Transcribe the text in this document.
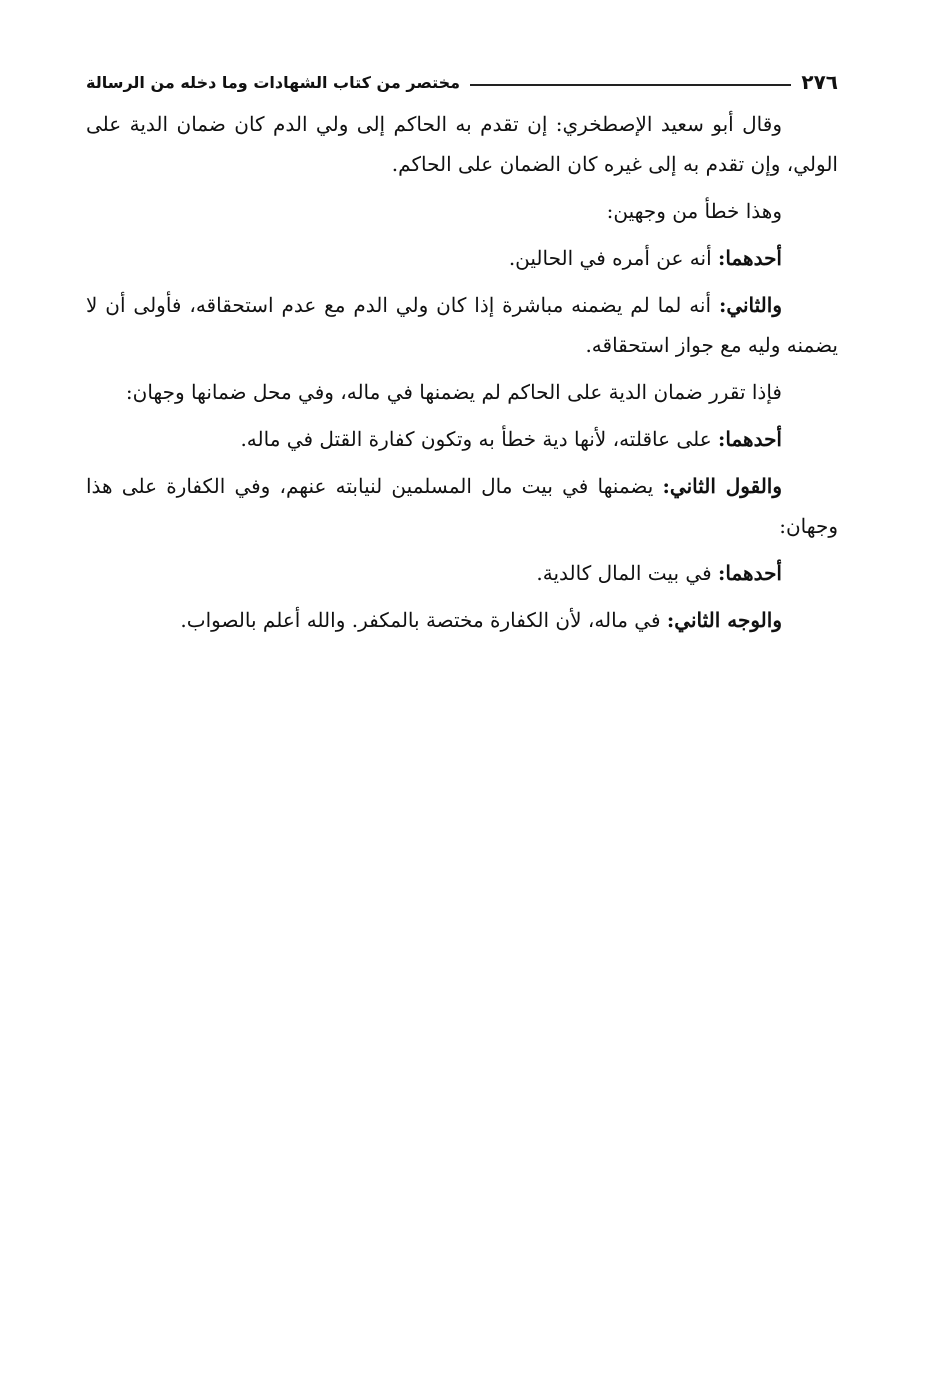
٢٧٦
مختصر من كتاب الشهادات وما دخله من الرسالة

وقال أبو سعيد الإصطخري: إن تقدم به الحاكم إلى ولي الدم كان ضمان الدية على الولي، وإن تقدم به إلى غيره كان الضمان على الحاكم.

وهذا خطأ من وجهين:

أحدهما: أنه عن أمره في الحالين.

والثاني: أنه لما لم يضمنه مباشرة إذا كان ولي الدم مع عدم استحقاقه، فأولى أن لا يضمنه وليه مع جواز استحقاقه.

فإذا تقرر ضمان الدية على الحاكم لم يضمنها في ماله، وفي محل ضمانها وجهان:

أحدهما: على عاقلته، لأنها دية خطأ به وتكون كفارة القتل في ماله.

والقول الثاني: يضمنها في بيت مال المسلمين لنيابته عنهم، وفي الكفارة على هذا وجهان:

أحدهما: في بيت المال كالدية.

والوجه الثاني: في ماله، لأن الكفارة مختصة بالمكفر. والله أعلم بالصواب.
